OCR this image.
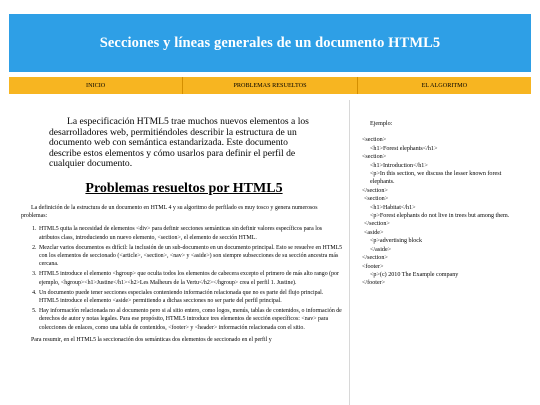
Secciones y líneas generales de un documento HTML5
INICIO	PROBLEMAS RESUELTOS	EL ALGORITMO

La especificación HTML5 trae muchos nuevos elementos a los desarrolladores web, permitiéndoles describir la estructura de un documento web con semántica estandarizada. Este documento describe estos elementos y cómo usarlos para definir el perfil de cualquier documento.

Problemas resueltos por HTML5

La definición de la estructura de un documento en HTML 4 y su algoritmo de perfilado es muy tosco y genera numerosos problemas:

1. HTML5 quita la necesidad de elementos <div> para definir secciones semánticas sin definir valores específicos para los atributos class, introduciendo un nuevo elemento, <section>, el elemento de sección HTML.
2. Mezclar varios documentos es difícil: la inclusión de un sub-documento en un documento principal. Esto se resuelve en HTML5 con los elementos de seccionado (<article>, <section>, <nav> y <aside>) son siempre subsecciones de su sección ancestra más cercana.
3. HTML5 introduce el elemento <hgroup> que oculta todos los elementos de cabecera excepto el primero de más alto rango (por ejemplo, <hgroup><h1>Justine</h1><h2>Les Malheurs de la Vertu</h2></hgroup> crea el perfil 1. Justine).
4. Un documento puede tener secciones especiales conteniendo información relacionada que no es parte del flujo principal. HTML5 introduce el elemento <aside> permitiendo a dichas secciones no ser parte del perfil principal.
5. Hay información relacionada no al documento pero si al sitio entero, como logos, menús, tablas de contenidos, o información de derechos de autor y notas legales. Para ese propósito, HTML5 introduce tres elementos de sección específicos: <nav> para colecciones de enlaces, como una tabla de contenidos, <footer> y <header> información relacionada con el sitio.

Para resumir, en el HTML5 la seccionación dos semánticas dos elementos de seccionado en el perfil y

Ejemplo:
<section>
<h1>Forest elephants</h1>
<section>
<h1>Introduction</h1>
<p>In this section, we discuss the lesser known forest elephants.
</section>
<section>
<h1>Habitat</h1>
<p>Forest elephants do not live in trees but among them.
</section>
<aside>
<p>advertising block
</aside>
</section>
<footer>
<p>(c) 2010 The Example company
</footer>
